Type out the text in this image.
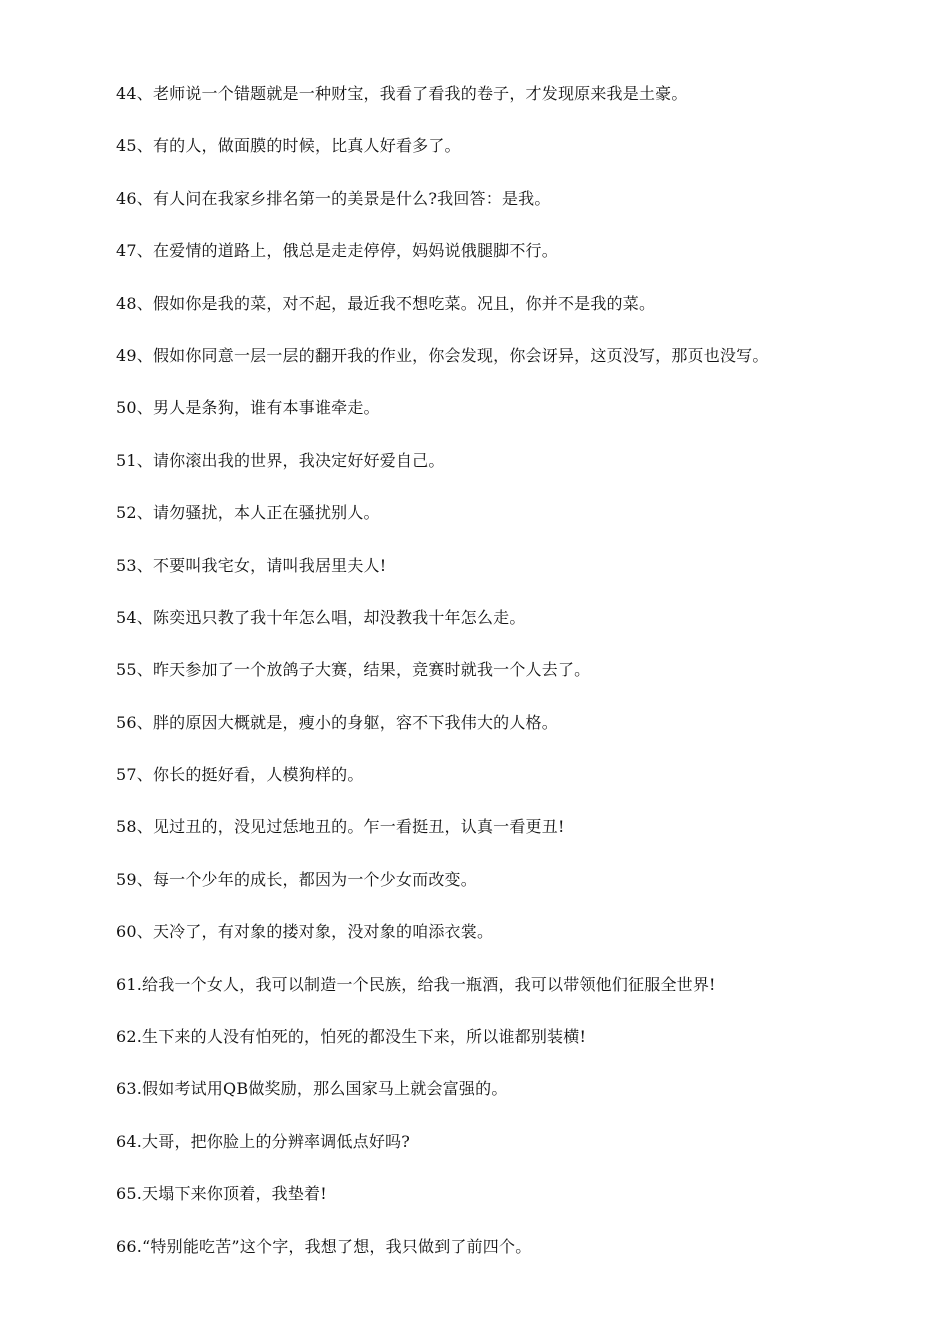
44、老师说一个错题就是一种财宝，我看了看我的卷子，才发现原来我是土豪。
45、有的人，做面膜的时候，比真人好看多了。
46、有人问在我家乡排名第一的美景是什么?我回答：是我。
47、在爱情的道路上，俄总是走走停停，妈妈说俄腿脚不行。
48、假如你是我的菜，对不起，最近我不想吃菜。况且，你并不是我的菜。
49、假如你同意一层一层的翻开我的作业，你会发现，你会讶异，这页没写，那页也没写。
50、男人是条狗，谁有本事谁牵走。
51、请你滚出我的世界，我决定好好爱自己。
52、请勿骚扰，本人正在骚扰别人。
53、不要叫我宅女，请叫我居里夫人!
54、陈奕迅只教了我十年怎么唱，却没教我十年怎么走。
55、昨天参加了一个放鸽子大赛，结果，竞赛时就我一个人去了。
56、胖的原因大概就是，瘦小的身躯，容不下我伟大的人格。
57、你长的挺好看，人模狗样的。
58、见过丑的，没见过恁地丑的。乍一看挺丑，认真一看更丑!
59、每一个少年的成长，都因为一个少女而改变。
60、天冷了，有对象的搂对象，没对象的咱添衣裳。
61.给我一个女人，我可以制造一个民族，给我一瓶酒，我可以带领他们征服全世界!
62.生下来的人没有怕死的，怕死的都没生下来，所以谁都别装横!
63.假如考试用QB做奖励，那么国家马上就会富强的。
64.大哥，把你脸上的分辨率调低点好吗?
65.天塌下来你顶着，我垫着!
66.“特别能吃苦”这个字，我想了想，我只做到了前四个。
